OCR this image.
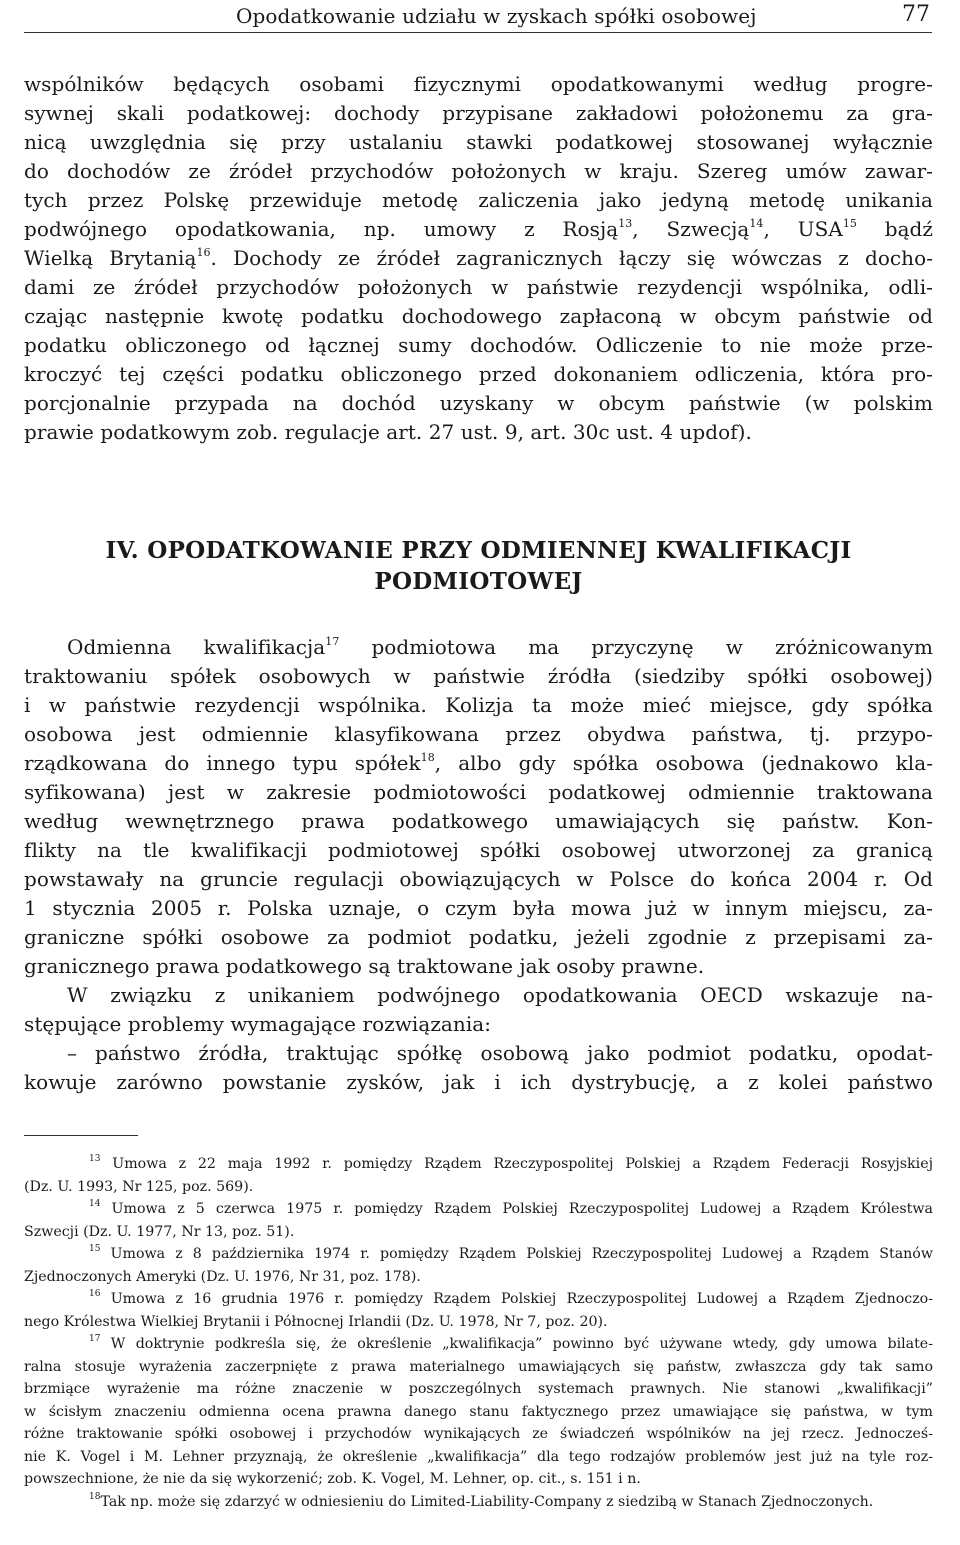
Opodatkowanie udziału w zyskach spółki osobowej	77
wspólników będących osobami fizycznymi opodatkowanymi według progre-
sywnej skali podatkowej: dochody przypisane zakładowi położonemu za gra-
nicą uwzględnia się przy ustalaniu stawki podatkowej stosowanej wyłącznie
do dochodów ze źródeł przychodów położonych w kraju. Szereg umów zawar-
tych przez Polskę przewiduje metodę zaliczenia jako jedyną metodę unikania
podwójnego opodatkowania, np. umowy z Rosją$^{13}$, Szwecją$^{14}$, USA$^{15}$ bądź
Wielką Brytanią$^{16}$. Dochody ze źródeł zagranicznych łączy się wówczas z docho-
dami ze źródeł przychodów położonych w państwie rezydencji wspólnika, odli-
czając następnie kwotę podatku dochodowego zapłaconą w obcym państwie od
podatku obliczonego od łącznej sumy dochodów. Odliczenie to nie może prze-
kroczyć tej części podatku obliczonego przed dokonaniem odliczenia, która pro-
porcjonalnie przypada na dochód uzyskany w obcym państwie (w polskim
prawie podatkowym zob. regulacje art. 27 ust. 9, art. 30c ust. 4 updof).
IV. OPODATKOWANIE PRZY ODMIENNEJ KWALIFIKACJI
PODMIOTOWEJ
Odmienna kwalifikacja$^{17}$ podmiotowa ma przyczynę w zróżnicowanym
traktowaniu spółek osobowych w państwie źródła (siedziby spółki osobowej)
i w państwie rezydencji wspólnika. Kolizja ta może mieć miejsce, gdy spółka
osobowa jest odmiennie klasyfikowana przez obydwa państwa, tj. przypo-
rządkowana do innego typu spółek$^{18}$, albo gdy spółka osobowa (jednakowo kla-
syfikowana) jest w zakresie podmiotowości podatkowej odmiennie traktowana
według wewnętrznego prawa podatkowego umawiających się państw. Kon-
flikty na tle kwalifikacji podmiotowej spółki osobowej utworzonej za granicą
powstawały na gruncie regulacji obowiązujących w Polsce do końca 2004 r. Od
1 stycznia 2005 r. Polska uznaje, o czym była mowa już w innym miejscu, za-
graniczne spółki osobowe za podmiot podatku, jeżeli zgodnie z przepisami za-
granicznego prawa podatkowego są traktowane jak osoby prawne.
W związku z unikaniem podwójnego opodatkowania OECD wskazuje na-
stępujące problemy wymagające rozwiązania:
– państwo źródła, traktując spółkę osobową jako podmiot podatku, opodat-
kowuje zarówno powstanie zysków, jak i ich dystrybucję, a z kolei państwo
$^{13}$ Umowa z 22 maja 1992 r. pomiędzy Rządem Rzeczypospolitej Polskiej a Rządem Federacji Rosyjskiej
(Dz. U. 1993, Nr 125, poz. 569).
$^{14}$ Umowa z 5 czerwca 1975 r. pomiędzy Rządem Polskiej Rzeczypospolitej Ludowej a Rządem Królestwa
Szwecji (Dz. U. 1977, Nr 13, poz. 51).
$^{15}$ Umowa z 8 października 1974 r. pomiędzy Rządem Polskiej Rzeczypospolitej Ludowej a Rządem Stanów
Zjednoczonych Ameryki (Dz. U. 1976, Nr 31, poz. 178).
$^{16}$ Umowa z 16 grudnia 1976 r. pomiędzy Rządem Polskiej Rzeczypospolitej Ludowej a Rządem Zjednoczo-
nego Królestwa Wielkiej Brytanii i Północnej Irlandii (Dz. U. 1978, Nr 7, poz. 20).
$^{17}$ W doktrynie podkreśla się, że określenie „kwalifikacja” powinno być używane wtedy, gdy umowa bilate-
ralna stosuje wyrażenia zaczerpnięte z prawa materialnego umawiających się państw, zwłaszcza gdy tak samo
brzmiące wyrażenie ma różne znaczenie w poszczególnych systemach prawnych. Nie stanowi „kwalifikacji”
w ścisłym znaczeniu odmienna ocena prawna danego stanu faktycznego przez umawiające się państwa, w tym
różne traktowanie spółki osobowej i przychodów wynikających ze świadczeń wspólników na jej rzecz. Jednocześ-
nie K. Vogel i M. Lehner przyznają, że określenie „kwalifikacja” dla tego rodzajów problemów jest już na tyle roz-
powszechnione, że nie da się wykorzenić; zob. K. Vogel, M. Lehner, op. cit., s. 151 i n.
$^{18}$Tak np. może się zdarzyć w odniesieniu do Limited-Liability-Company z siedzibą w Stanach Zjednoczonych.
